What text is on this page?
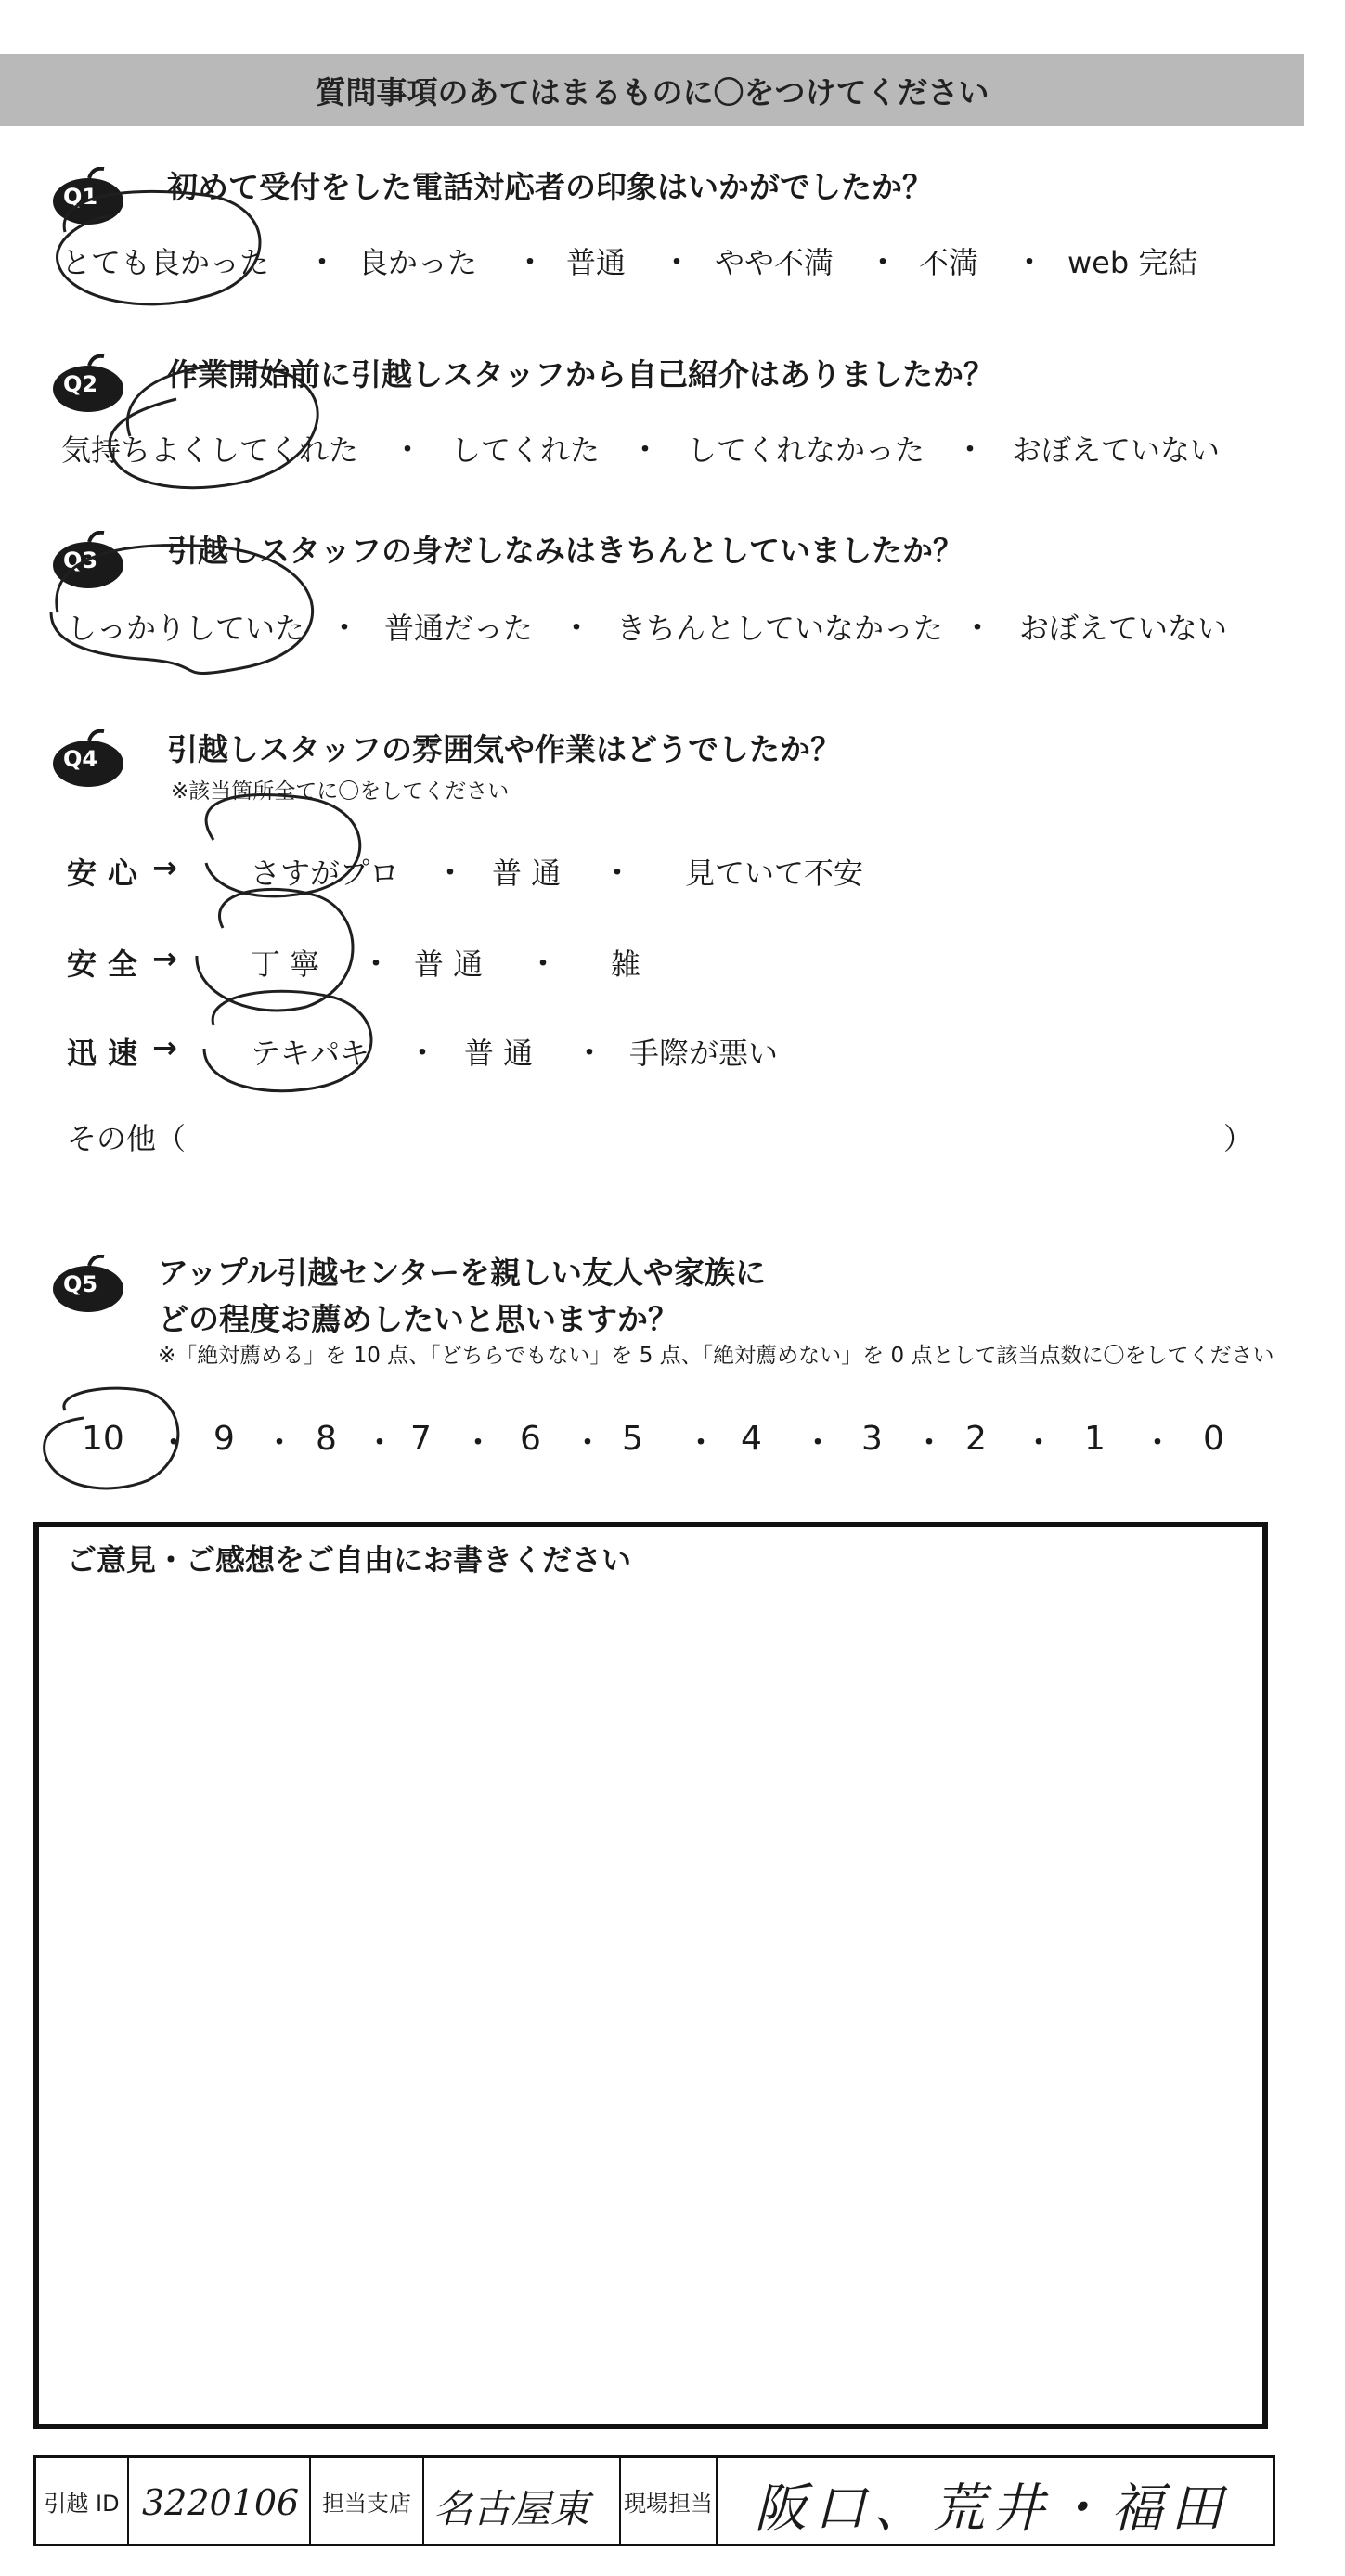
質問事項のあてはまるものに〇をつけてください
Q1 初めて受付をした電話対応者の印象はいかがでしたか？
とても良かった ・ 良かった ・ 普通 ・ やや不満 ・ 不満 ・ web 完結
Q2 作業開始前に引越しスタッフから自己紹介はありましたか？
気持ちよくしてくれた ・ してくれた ・ してくれなかった ・ おぼえていない
Q3 引越しスタッフの身だしなみはきちんとしていましたか？
しっかりしていた ・ 普通だった ・ きちんとしていなかった ・ おぼえていない
Q4 引越しスタッフの雰囲気や作業はどうでしたか？
※該当箇所全てに〇をしてください
安心 → さすがプロ ・ 普 通 ・ 見ていて不安
安全 → 丁 寧 ・ 普 通 ・ 雑
迅速 → テキパキ ・ 普 通 ・ 手際が悪い
その他（	）
Q5 アップル引越センターを親しい友人や家族に
どの程度お薦めしたいと思いますか？
※「絶対薦める」を 10 点、「どちらでもない」を 5 点、「絶対薦めない」を 0 点として該当点数に〇をしてください
10 ・ 9 ・ 8 ・ 7 ・ 6 ・ 5 ・ 4 ・ 3 ・ 2 ・ 1 ・ 0
ご意見・ご感想をご自由にお書きください
引越 ID 3220106	担当支店 名古屋東 現場担当 阪口、荒井・福田
